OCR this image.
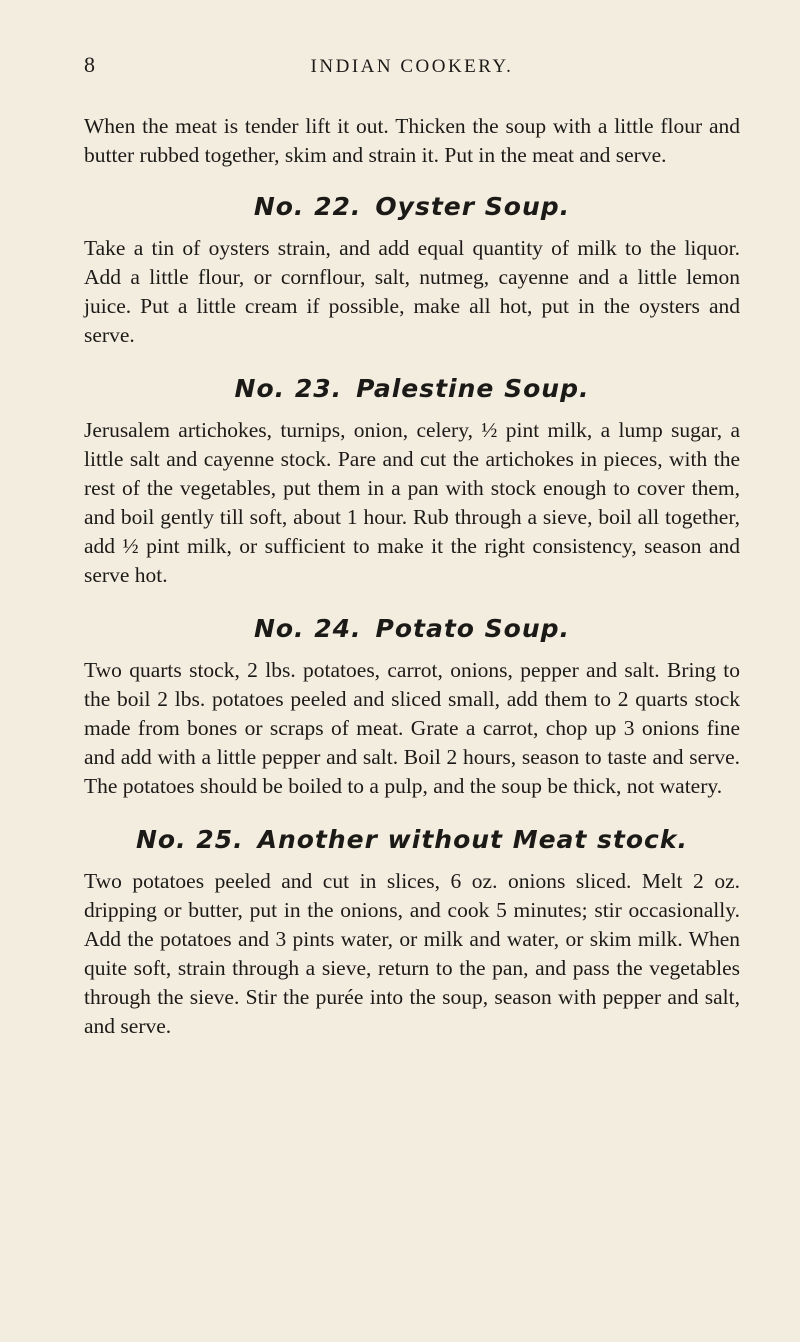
8	INDIAN COOKERY.

When the meat is tender lift it out. Thicken the soup with a little flour and butter rubbed together, skim and strain it. Put in the meat and serve.

No. 22. Oyster Soup.

Take a tin of oysters strain, and add equal quantity of milk to the liquor. Add a little flour, or cornflour, salt, nutmeg, cayenne and a little lemon juice. Put a little cream if possible, make all hot, put in the oysters and serve.

No. 23. Palestine Soup.

Jerusalem artichokes, turnips, onion, celery, ½ pint milk, a lump sugar, a little salt and cayenne stock. Pare and cut the artichokes in pieces, with the rest of the vegetables, put them in a pan with stock enough to cover them, and boil gently till soft, about 1 hour. Rub through a sieve, boil all together, add ½ pint milk, or sufficient to make it the right consistency, season and serve hot.

No. 24. Potato Soup.

Two quarts stock, 2 lbs. potatoes, carrot, onions, pepper and salt. Bring to the boil 2 lbs. potatoes peeled and sliced small, add them to 2 quarts stock made from bones or scraps of meat. Grate a carrot, chop up 3 onions fine and add with a little pepper and salt. Boil 2 hours, season to taste and serve. The potatoes should be boiled to a pulp, and the soup be thick, not watery.

No. 25. Another without Meat stock.

Two potatoes peeled and cut in slices, 6 oz. onions sliced. Melt 2 oz. dripping or butter, put in the onions, and cook 5 minutes; stir occasionally. Add the potatoes and 3 pints water, or milk and water, or skim milk. When quite soft, strain through a sieve, return to the pan, and pass the vegetables through the sieve. Stir the purée into the soup, season with pepper and salt, and serve.
